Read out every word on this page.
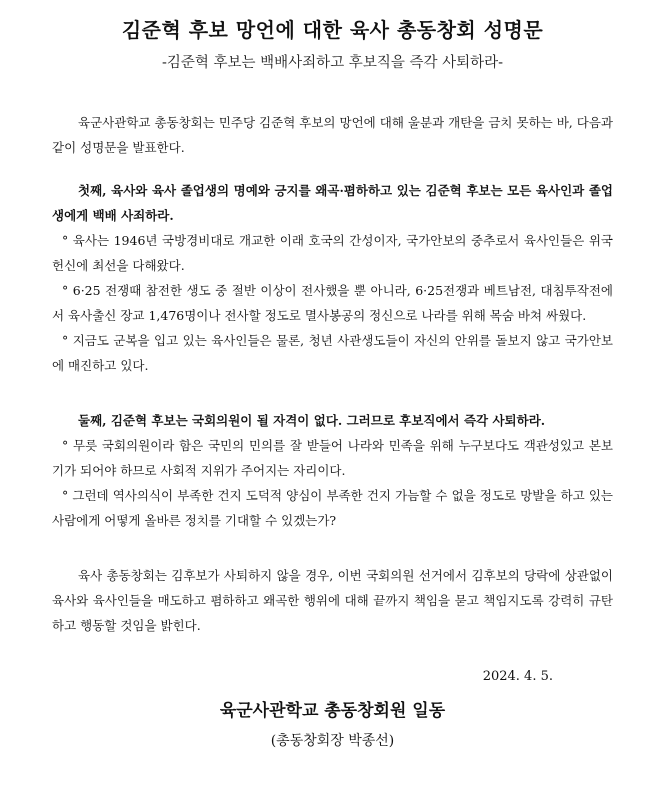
김준혁 후보 망언에 대한 육사 총동창회 성명문

-김준혁 후보는 백배사죄하고 후보직을 즉각 사퇴하라-

육군사관학교 총동창회는 민주당 김준혁 후보의 망언에 대해 울분과 개탄을 금치 못하는 바, 다음과 같이 성명문을 발표한다.

첫째, 육사와 육사 졸업생의 명예와 긍지를 왜곡·폄하하고 있는 김준혁 후보는 모든 육사인과 졸업생에게 백배 사죄하라.

° 육사는 1946년 국방경비대로 개교한 이래 호국의 간성이자, 국가안보의 중추로서 육사인들은 위국헌신에 최선을 다해왔다.

° 6·25 전쟁때 참전한 생도 중 절반 이상이 전사했을 뿐 아니라, 6·25전쟁과 베트남전, 대침투작전에서 육사출신 장교 1,476명이나 전사할 정도로 멸사봉공의 정신으로 나라를 위해 목숨 바쳐 싸웠다.

° 지금도 군복을 입고 있는 육사인들은 물론, 청년 사관생도들이 자신의 안위를 돌보지 않고 국가안보에 매진하고 있다.

둘째, 김준혁 후보는 국회의원이 될 자격이 없다. 그러므로 후보직에서 즉각 사퇴하라.

° 무릇 국회의원이라 함은 국민의 민의를 잘 받들어 나라와 민족을 위해 누구보다도 객관성있고 본보기가 되어야 하므로 사회적 지위가 주어지는 자리이다.

° 그런데 역사의식이 부족한 건지 도덕적 양심이 부족한 건지 가늠할 수 없을 정도로 망발을 하고 있는 사람에게 어떻게 올바른 정치를 기대할 수 있겠는가?

육사 총동창회는 김후보가 사퇴하지 않을 경우, 이번 국회의원 선거에서 김후보의 당락에 상관없이 육사와 육사인들을 매도하고 폄하하고 왜곡한 행위에 대해 끝까지 책임을 묻고 책임지도록 강력히 규탄하고 행동할 것임을 밝힌다.

2024. 4. 5.

육군사관학교 총동창회원 일동

(총동창회장 박종선)
